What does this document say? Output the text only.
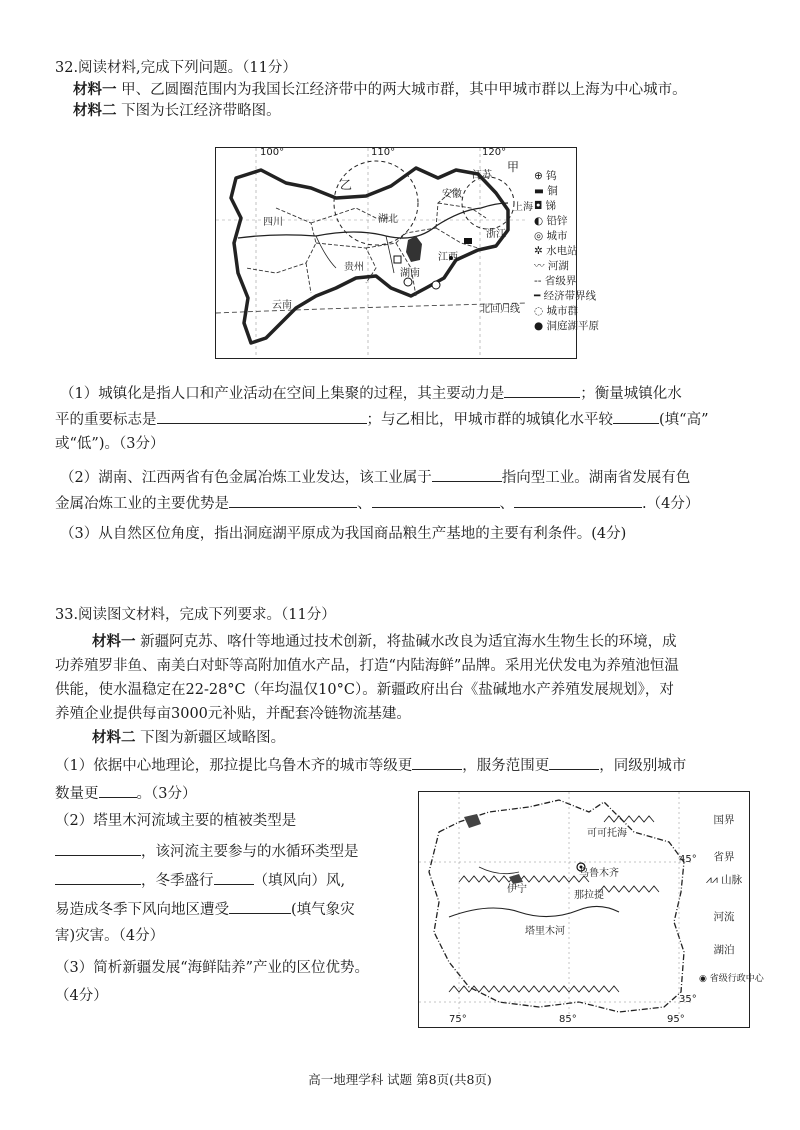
32.阅读材料,完成下列问题。（11分）
材料一 甲、乙圆圈范围内为我国长江经济带中的两大城市群，其中甲城市群以上海为中心城市。
材料二 下图为长江经济带略图。
100°	110°	120°
甲
乙
四川	湖北
安徽
江苏
上海
浙江
湖南
江西
贵州
云南	北回归线
⊕ 钨
▬ 铜
◘ 锑
◐ 铅锌
◎ 城市
✲ 水电站
〰 河湖
-- 省级界
━ 经济带界线
◌ 城市群
● 洞庭湖平原
（1）城镇化是指人口和产业活动在空间上集聚的过程，其主要动力是	；衡量城镇化水
平的重要标志是	；与乙相比，甲城市群的城镇化水平较	(填“高”
或“低”)。（3分）
（2）湖南、江西两省有色金属冶炼工业发达，该工业属于	指向型工业。湖南省发展有色
金属冶炼工业的主要优势是	、	、	.（4分）
（3）从自然区位角度，指出洞庭湖平原成为我国商品粮生产基地的主要有利条件。(4分)
33.阅读图文材料，完成下列要求。（11分）
材料一 新疆阿克苏、喀什等地通过技术创新，将盐碱水改良为适宜海水生物生长的环境，成
功养殖罗非鱼、南美白对虾等高附加值水产品，打造“内陆海鲜”品牌。采用光伏发电为养殖池恒温
供能，使水温稳定在22-28°C（年均温仅10°C）。新疆政府出台《盐碱地水产养殖发展规划》，对
养殖企业提供每亩3000元补贴，并配套冷链物流基建。
材料二 下图为新疆区域略图。
（1）依据中心地理论，那拉提比乌鲁木齐的城市等级更	，服务范围更	，同级别城市
数量更	。（3分）
（2）塔里木河流域主要的植被类型是
，该河流主要参与的水循环类型是
，冬季盛行	（填风向）风,
易造成冬季下风向地区遭受	(填气象灾
害)灾害。（4分）
（3）简析新疆发展“海鲜陆养”产业的区位优势。
（4分）
可可托海
乌鲁木齐
伊宁
那拉提
塔里木河
75°	85°	95°
45°
35°
国界
省界
⩘⩘ 山脉
河流
湖泊
◉ 省级行政中心
高一地理学科 试题 第8页(共8页)
